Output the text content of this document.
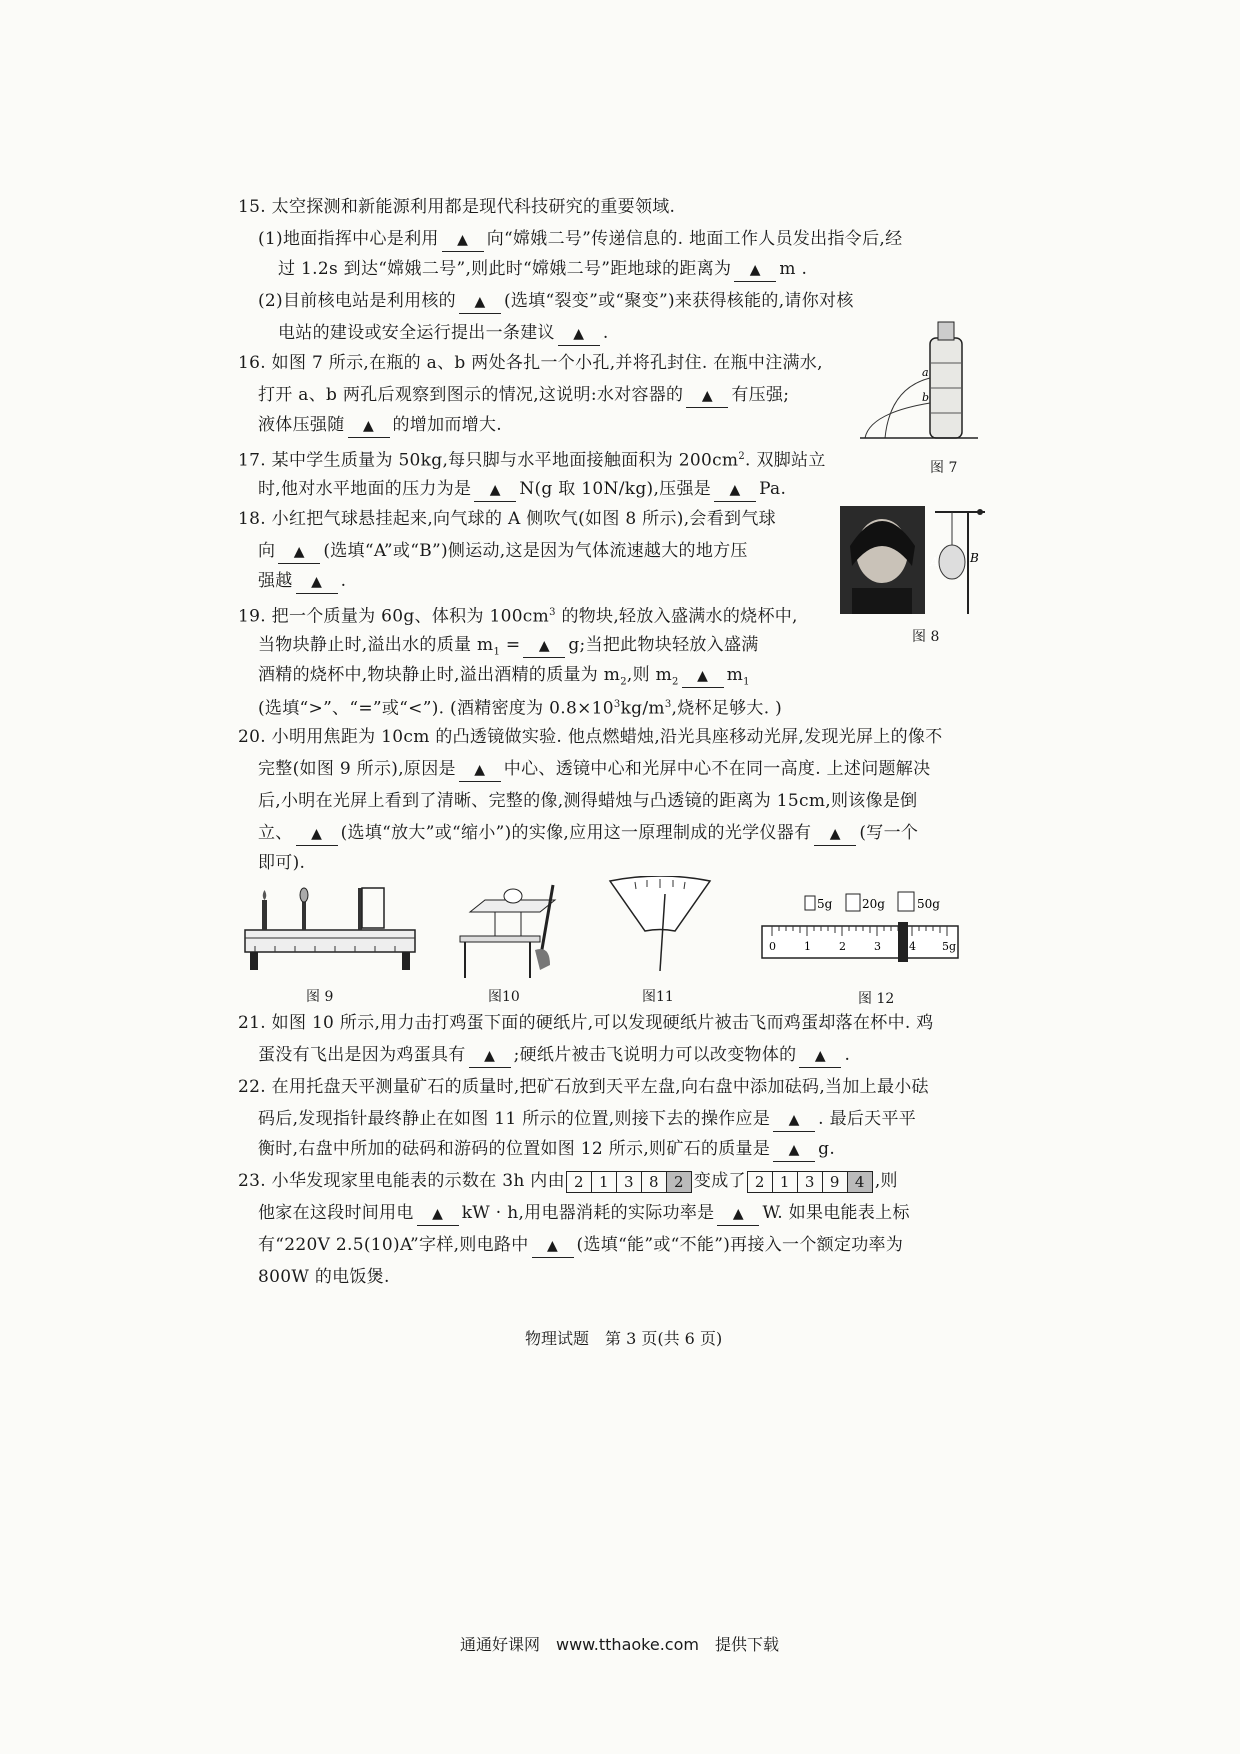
15. 太空探测和新能源利用都是现代科技研究的重要领域.
(1)地面指挥中心是利用▲	向“嫦娥二号”传递信息的. 地面工作人员发出指令后,经
过 1.2s 到达“嫦娥二号”,则此时“嫦娥二号”距地球的距离为▲	m .
(2)目前核电站是利用核的▲	(选填“裂变”或“聚变”)来获得核能的,请你对核
电站的建设或安全运行提出一条建议▲	.
a
b
图 7
16. 如图 7 所示,在瓶的 a、b 两处各扎一个小孔,并将孔封住. 在瓶中注满水,
打开 a、b 两孔后观察到图示的情况,这说明:水对容器的▲	有压强;
液体压强随▲	的增加而增大.
17. 某中学生质量为 50kg,每只脚与水平地面接触面积为 $200cm^2$. 双脚站立
时,他对水平地面的压力为是▲	N(g 取 10N/kg),压强是▲	Pa.
A	B
图 8
18. 小红把气球悬挂起来,向气球的 A 侧吹气(如图 8 所示),会看到气球
向▲	(选填“A”或“B”)侧运动,这是因为气体流速越大的地方压
强越▲	.
19. 把一个质量为 60g、体积为 $100cm^3$ 的物块,轻放入盛满水的烧杯中,
当物块静止时,溢出水的质量 $m_1$ =▲	g;当把此物块轻放入盛满
酒精的烧杯中,物块静止时,溢出酒精的质量为 $m_2$,则 $m_2▲$	$m_1$
(选填“>”、“=”或“<”). (酒精密度为 $0.8\times 10^3kg/m^3$,烧杯足够大. )
20. 小明用焦距为 10cm 的凸透镜做实验. 他点燃蜡烛,沿光具座移动光屏,发现光屏上的像不
完整(如图 9 所示),原因是▲	中心、透镜中心和光屏中心不在同一高度. 上述问题解决
后,小明在光屏上看到了清晰、完整的像,测得蜡烛与凸透镜的距离为 15cm,则该像是倒
立、▲	(选填“放大”或“缩小”)的实像,应用这一原理制成的光学仪器有▲	(写一个
即可).
图 9	图10	图11
5g 20g	50g
0	1	2	3	4 5g
图 12
21. 如图 10 所示,用力击打鸡蛋下面的硬纸片,可以发现硬纸片被击飞而鸡蛋却落在杯中. 鸡
蛋没有飞出是因为鸡蛋具有▲	;硬纸片被击飞说明力可以改变物体的▲	.
22. 在用托盘天平测量矿石的质量时,把矿石放到天平左盘,向右盘中添加砝码,当加上最小砝
码后,发现指针最终静止在如图 11 所示的位置,则接下去的操作应是▲	. 最后天平平
衡时,右盘中所加的砝码和游码的位置如图 12 所示,则矿石的质量是▲	g.
23. 小华发现家里电能表的示数在 3h 内由 2	1	3	8	2 变成了 2	1	3	9	4 ,则
他家在这段时间用电▲	kW · h,用电器消耗的实际功率是▲	W. 如果电能表上标
有“220V 2.5(10)A”字样,则电路中▲	(选填“能”或“不能”)再接入一个额定功率为
800W 的电饭煲.
物理试题　第 3 页(共 6 页)
通通好课网　www.tthaoke.com　提供下载
